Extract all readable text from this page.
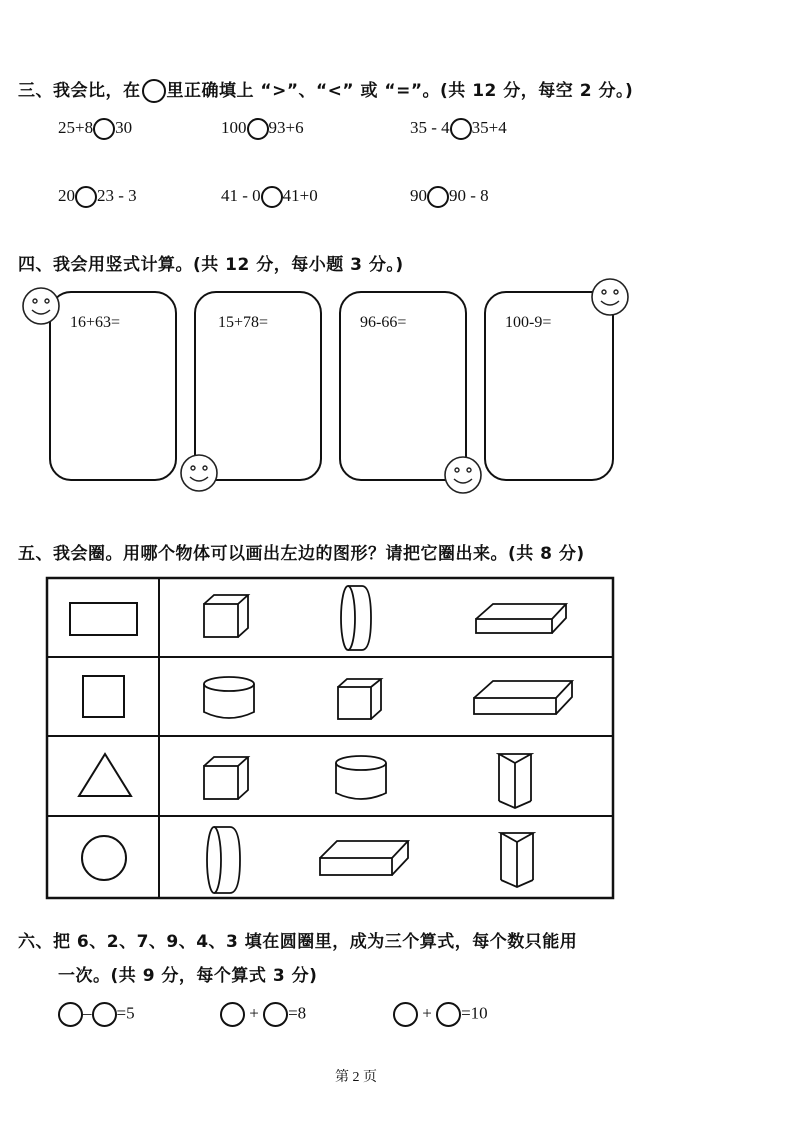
三、我会比，在 里正确填上 “>”、“<” 或 “=”。(共 12 分，每空 2 分。)
25+8 30	100 93+6	35 - 4 35+4
20 23 - 3	41 - 0 41+0	90 90 - 8
四、我会用竖式计算。(共 12 分，每小题 3 分。)
16+63=	15+78=	96-66=	100-9=
五、我会圈。用哪个物体可以画出左边的图形？请把它圈出来。(共 8 分)
六、把 6、2、7、9、4、3 填在圆圈里，成为三个算式，每个数只能用
一次。(共 9 分，每个算式 3 分)
– =5	+ =8	+ =10
第 2 页
